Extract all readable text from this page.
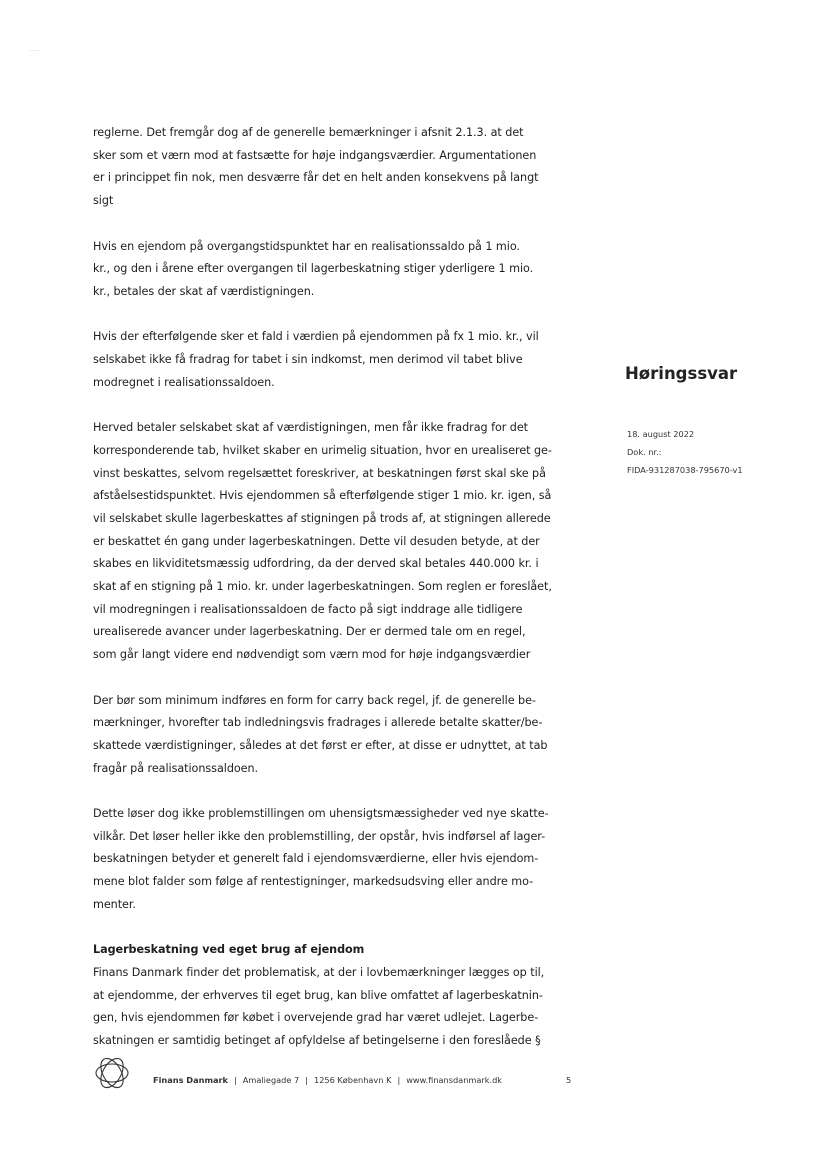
reglerne. Det fremgår dog af de generelle bemærkninger i afsnit 2.1.3. at det
sker som et værn mod at fastsætte for høje indgangsværdier. Argumentationen
er i princippet fin nok, men desværre får det en helt anden konsekvens på langt
sigt
Hvis en ejendom på overgangstidspunktet har en realisationssaldo på 1 mio.
kr., og den i årene efter overgangen til lagerbeskatning stiger yderligere 1 mio.
kr., betales der skat af værdistigningen.
Hvis der efterfølgende sker et fald i værdien på ejendommen på fx 1 mio. kr., vil
selskabet ikke få fradrag for tabet i sin indkomst, men derimod vil tabet blive
modregnet i realisationssaldoen.
Herved betaler selskabet skat af værdistigningen, men får ikke fradrag for det
korresponderende tab, hvilket skaber en urimelig situation, hvor en urealiseret ge-
vinst beskattes, selvom regelsættet foreskriver, at beskatningen først skal ske på
afståelsestidspunktet. Hvis ejendommen så efterfølgende stiger 1 mio. kr. igen, så
vil selskabet skulle lagerbeskattes af stigningen på trods af, at stigningen allerede
er beskattet én gang under lagerbeskatningen. Dette vil desuden betyde, at der
skabes en likviditetsmæssig udfordring, da der derved skal betales 440.000 kr. i
skat af en stigning på 1 mio. kr. under lagerbeskatningen. Som reglen er foreslået,
vil modregningen i realisationssaldoen de facto på sigt inddrage alle tidligere
urealiserede avancer under lagerbeskatning. Der er dermed tale om en regel,
som går langt videre end nødvendigt som værn mod for høje indgangsværdier
Der bør som minimum indføres en form for carry back regel, jf. de generelle be-
mærkninger, hvorefter tab indledningsvis fradrages i allerede betalte skatter/be-
skattede værdistigninger, således at det først er efter, at disse er udnyttet, at tab
fragår på realisationssaldoen.
Dette løser dog ikke problemstillingen om uhensigtsmæssigheder ved nye skatte-
vilkår. Det løser heller ikke den problemstilling, der opstår, hvis indførsel af lager-
beskatningen betyder et generelt fald i ejendomsværdierne, eller hvis ejendom-
mene blot falder som følge af rentestigninger, markedsudsving eller andre mo-
menter.
Lagerbeskatning ved eget brug af ejendom
Finans Danmark finder det problematisk, at der i lovbemærkninger lægges op til,
at ejendomme, der erhverves til eget brug, kan blive omfattet af lagerbeskatnin-
gen, hvis ejendommen før købet i overvejende grad har været udlejet. Lagerbe-
skatningen er samtidig betinget af opfyldelse af betingelserne i den foreslåede §
Høringssvar
18. august 2022
Dok. nr.:
FIDA-931287038-795670-v1
Finans Danmark | Amaliegade 7 | 1256 København K | www.finansdanmark.dk	5
